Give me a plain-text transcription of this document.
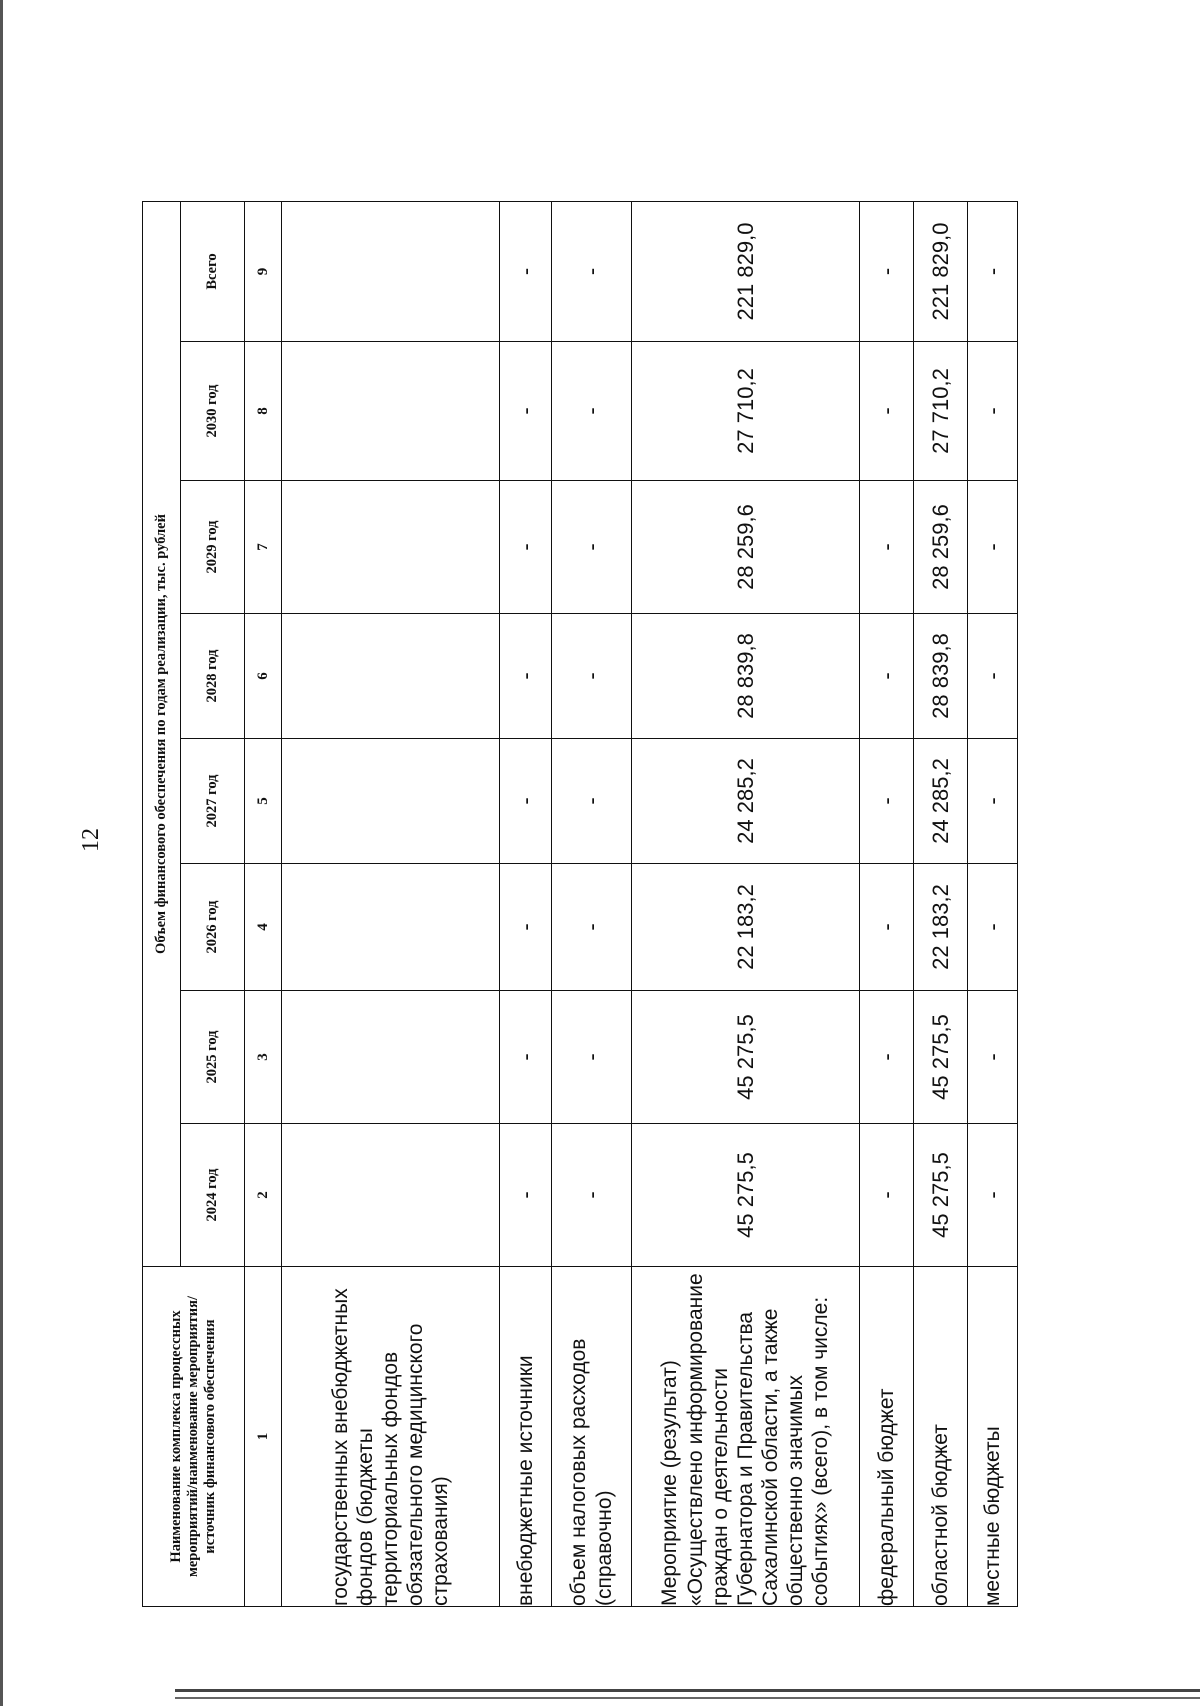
12
Наименование комплекса процессных мероприятий/наименование мероприятия/источник финансового обеспечения	Объем финансового обеспечения по годам реализации, тыс. рублей							
	2024 год	2025 год	2026 год	2027 год	2028 год	2029 год	2030 год	Всего
1	2	3	4	5	6	7	8	9
государственных внебюджетных фондов (бюджеты территориальных фондов обязательного медицинского страхования)								
внебюджетные источники	-	-	-	-	-	-	-	-
объем налоговых расходов (справочно)	-	-	-	-	-	-	-	-
Мероприятие (результат) «Осуществлено информирование граждан о деятельности Губернатора и Правительства Сахалинской области, а также общественно значимых событиях» (всего), в том числе:	45 275,5	45 275,5	22 183,2	24 285,2	28 839,8	28 259,6	27 710,2	221 829,0
федеральный бюджет	-	-	-	-	-	-	-	-
областной бюджет	45 275,5	45 275,5	22 183,2	24 285,2	28 839,8	28 259,6	27 710,2	221 829,0
местные бюджеты	-	-	-	-	-	-	-	-
